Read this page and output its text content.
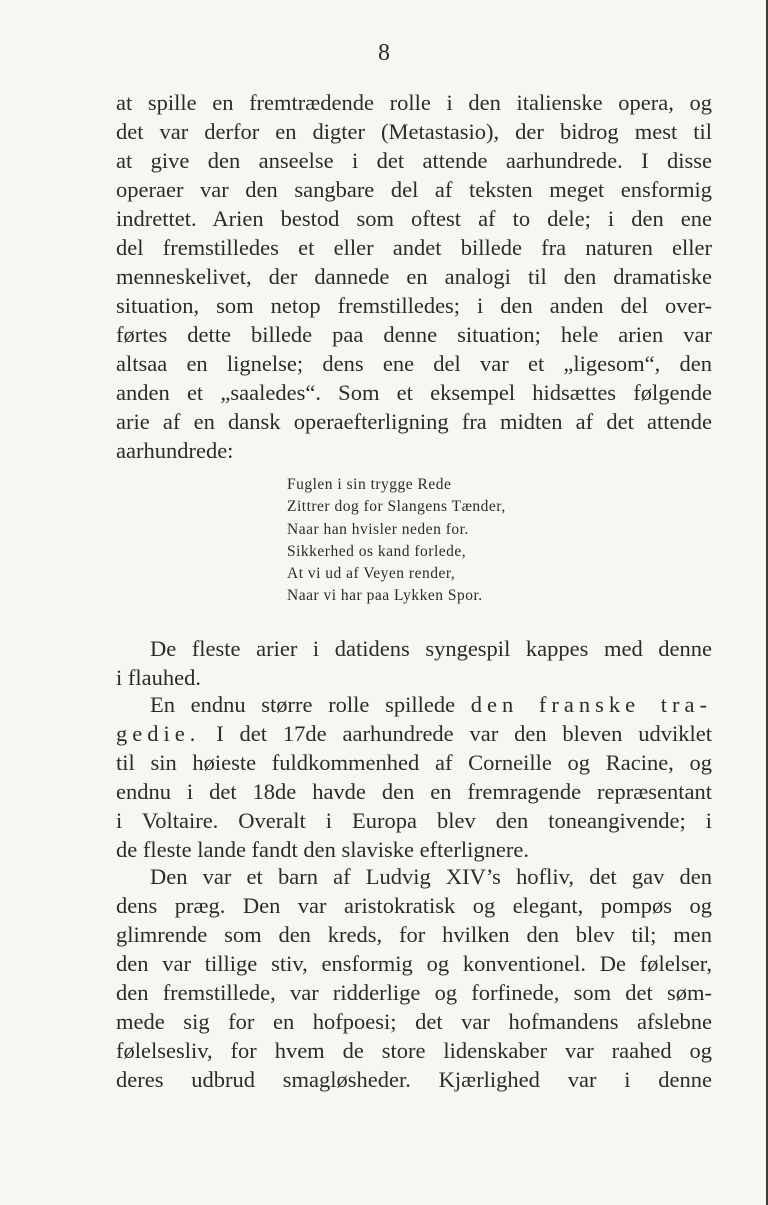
8
at spille en fremtrædende rolle i den italienske opera, og
det var derfor en digter (Metastasio), der bidrog mest til
at give den anseelse i det attende aarhundrede. I disse
operaer var den sangbare del af teksten meget ensformig
indrettet. Arien bestod som oftest af to dele; i den ene
del fremstilledes et eller andet billede fra naturen eller
menneskelivet, der dannede en analogi til den dramatiske
situation, som netop fremstilledes; i den anden del over-
førtes dette billede paa denne situation; hele arien var
altsaa en lignelse; dens ene del var et „ligesom“, den
anden et „saaledes“. Som et eksempel hidsættes følgende
arie af en dansk operaefterligning fra midten af det attende
aarhundrede:
Fuglen i sin trygge Rede
Zittrer dog for Slangens Tænder,
Naar han hvisler neden for.
Sikkerhed os kand forlede,
At vi ud af Veyen render,
Naar vi har paa Lykken Spor.
De fleste arier i datidens syngespil kappes med denne
i flauhed.
En endnu større rolle spillede den franske tra-
gedie. I det 17de aarhundrede var den bleven udviklet
til sin høieste fuldkommenhed af Corneille og Racine, og
endnu i det 18de havde den en fremragende repræsentant
i Voltaire. Overalt i Europa blev den toneangivende; i
de fleste lande fandt den slaviske efterlignere.
Den var et barn af Ludvig XIV’s hofliv, det gav den
dens præg. Den var aristokratisk og elegant, pompøs og
glimrende som den kreds, for hvilken den blev til; men
den var tillige stiv, ensformig og konventionel. De følelser,
den fremstillede, var ridderlige og forfinede, som det søm-
mede sig for en hofpoesi; det var hofmandens afslebne
følelsesliv, for hvem de store lidenskaber var raahed og
deres udbrud smagløsheder. Kjærlighed var i denne
